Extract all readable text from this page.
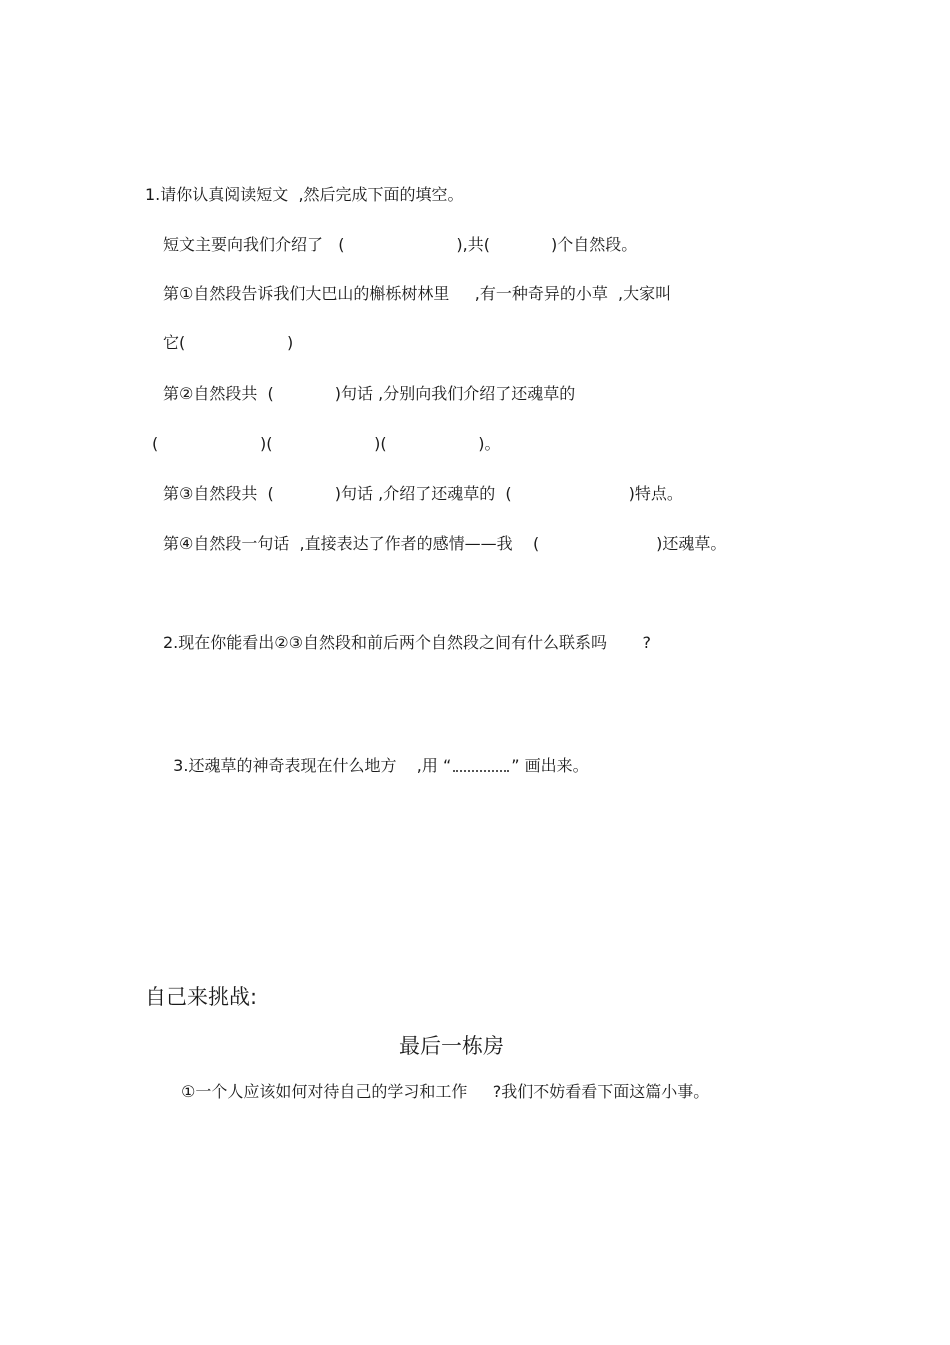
1.请你认真阅读短文  ,然后完成下面的填空。
短文主要向我们介绍了   (                      ),共(            )个自然段。
第①自然段告诉我们大巴山的槲栎树林里     ,有一种奇异的小草  ,大家叫
它(                    )
第②自然段共  (            )句话 ,分别向我们介绍了还魂草的
(                    )(                    )(                  )。
第③自然段共  (            )句话 ,介绍了还魂草的  (                       )特点。
第④自然段一句话  ,直接表达了作者的感情——我    (                       )还魂草。
2.现在你能看出②③自然段和前后两个自然段之间有什么联系吗       ?

3.还魂草的神奇表现在什么地方    ,用 “	” 画出来。

自己来挑战:
最后一栋房
①一个人应该如何对待自己的学习和工作     ?我们不妨看看下面这篇小事。
